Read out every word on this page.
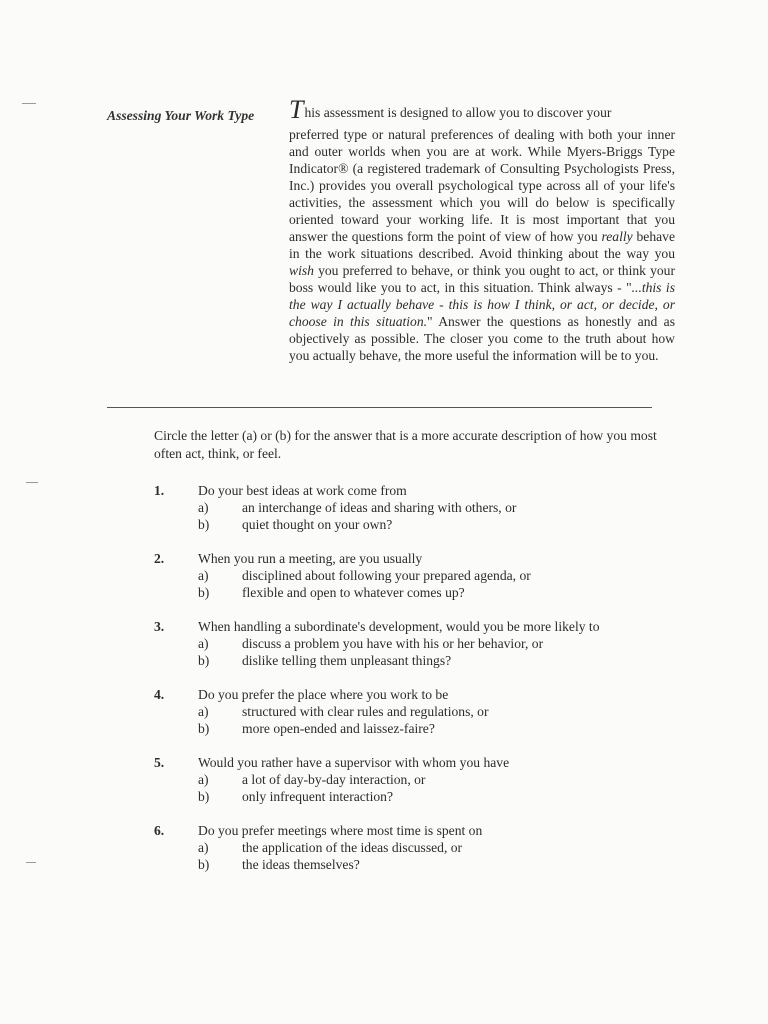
Assessing Your Work Type T his assessment is designed to allow you to discover your
preferred type or natural preferences of dealing with both your inner and outer worlds when you are at work. While Myers-Briggs Type Indicator® (a registered trademark of Consulting Psychologists Press, Inc.) provides you overall psychological type across all of your life's activities, the assessment which you will do below is specifically oriented toward your working life. It is most important that you answer the questions form the point of view of how you really behave in the work situations described. Avoid thinking about the way you wish you preferred to behave, or think you ought to act, or think your boss would like you to act, in this situation. Think always - "...this is the way I actually behave - this is how I think, or act, or decide, or choose in this situation." Answer the questions as honestly and as objectively as possible. The closer you come to the truth about how you actually behave, the more useful the information will be to you.
Circle the letter (a) or (b) for the answer that is a more accurate description of how you most often act, think, or feel.
1. Do your best ideas at work come from
a) an interchange of ideas and sharing with others, or
b) quiet thought on your own?
2. When you run a meeting, are you usually
a) disciplined about following your prepared agenda, or
b) flexible and open to whatever comes up?
3. When handling a subordinate's development, would you be more likely to
a) discuss a problem you have with his or her behavior, or
b) dislike telling them unpleasant things?
4. Do you prefer the place where you work to be
a) structured with clear rules and regulations, or
b) more open-ended and laissez-faire?
5. Would you rather have a supervisor with whom you have
a) a lot of day-by-day interaction, or
b) only infrequent interaction?
6. Do you prefer meetings where most time is spent on
a) the application of the ideas discussed, or
b) the ideas themselves?
